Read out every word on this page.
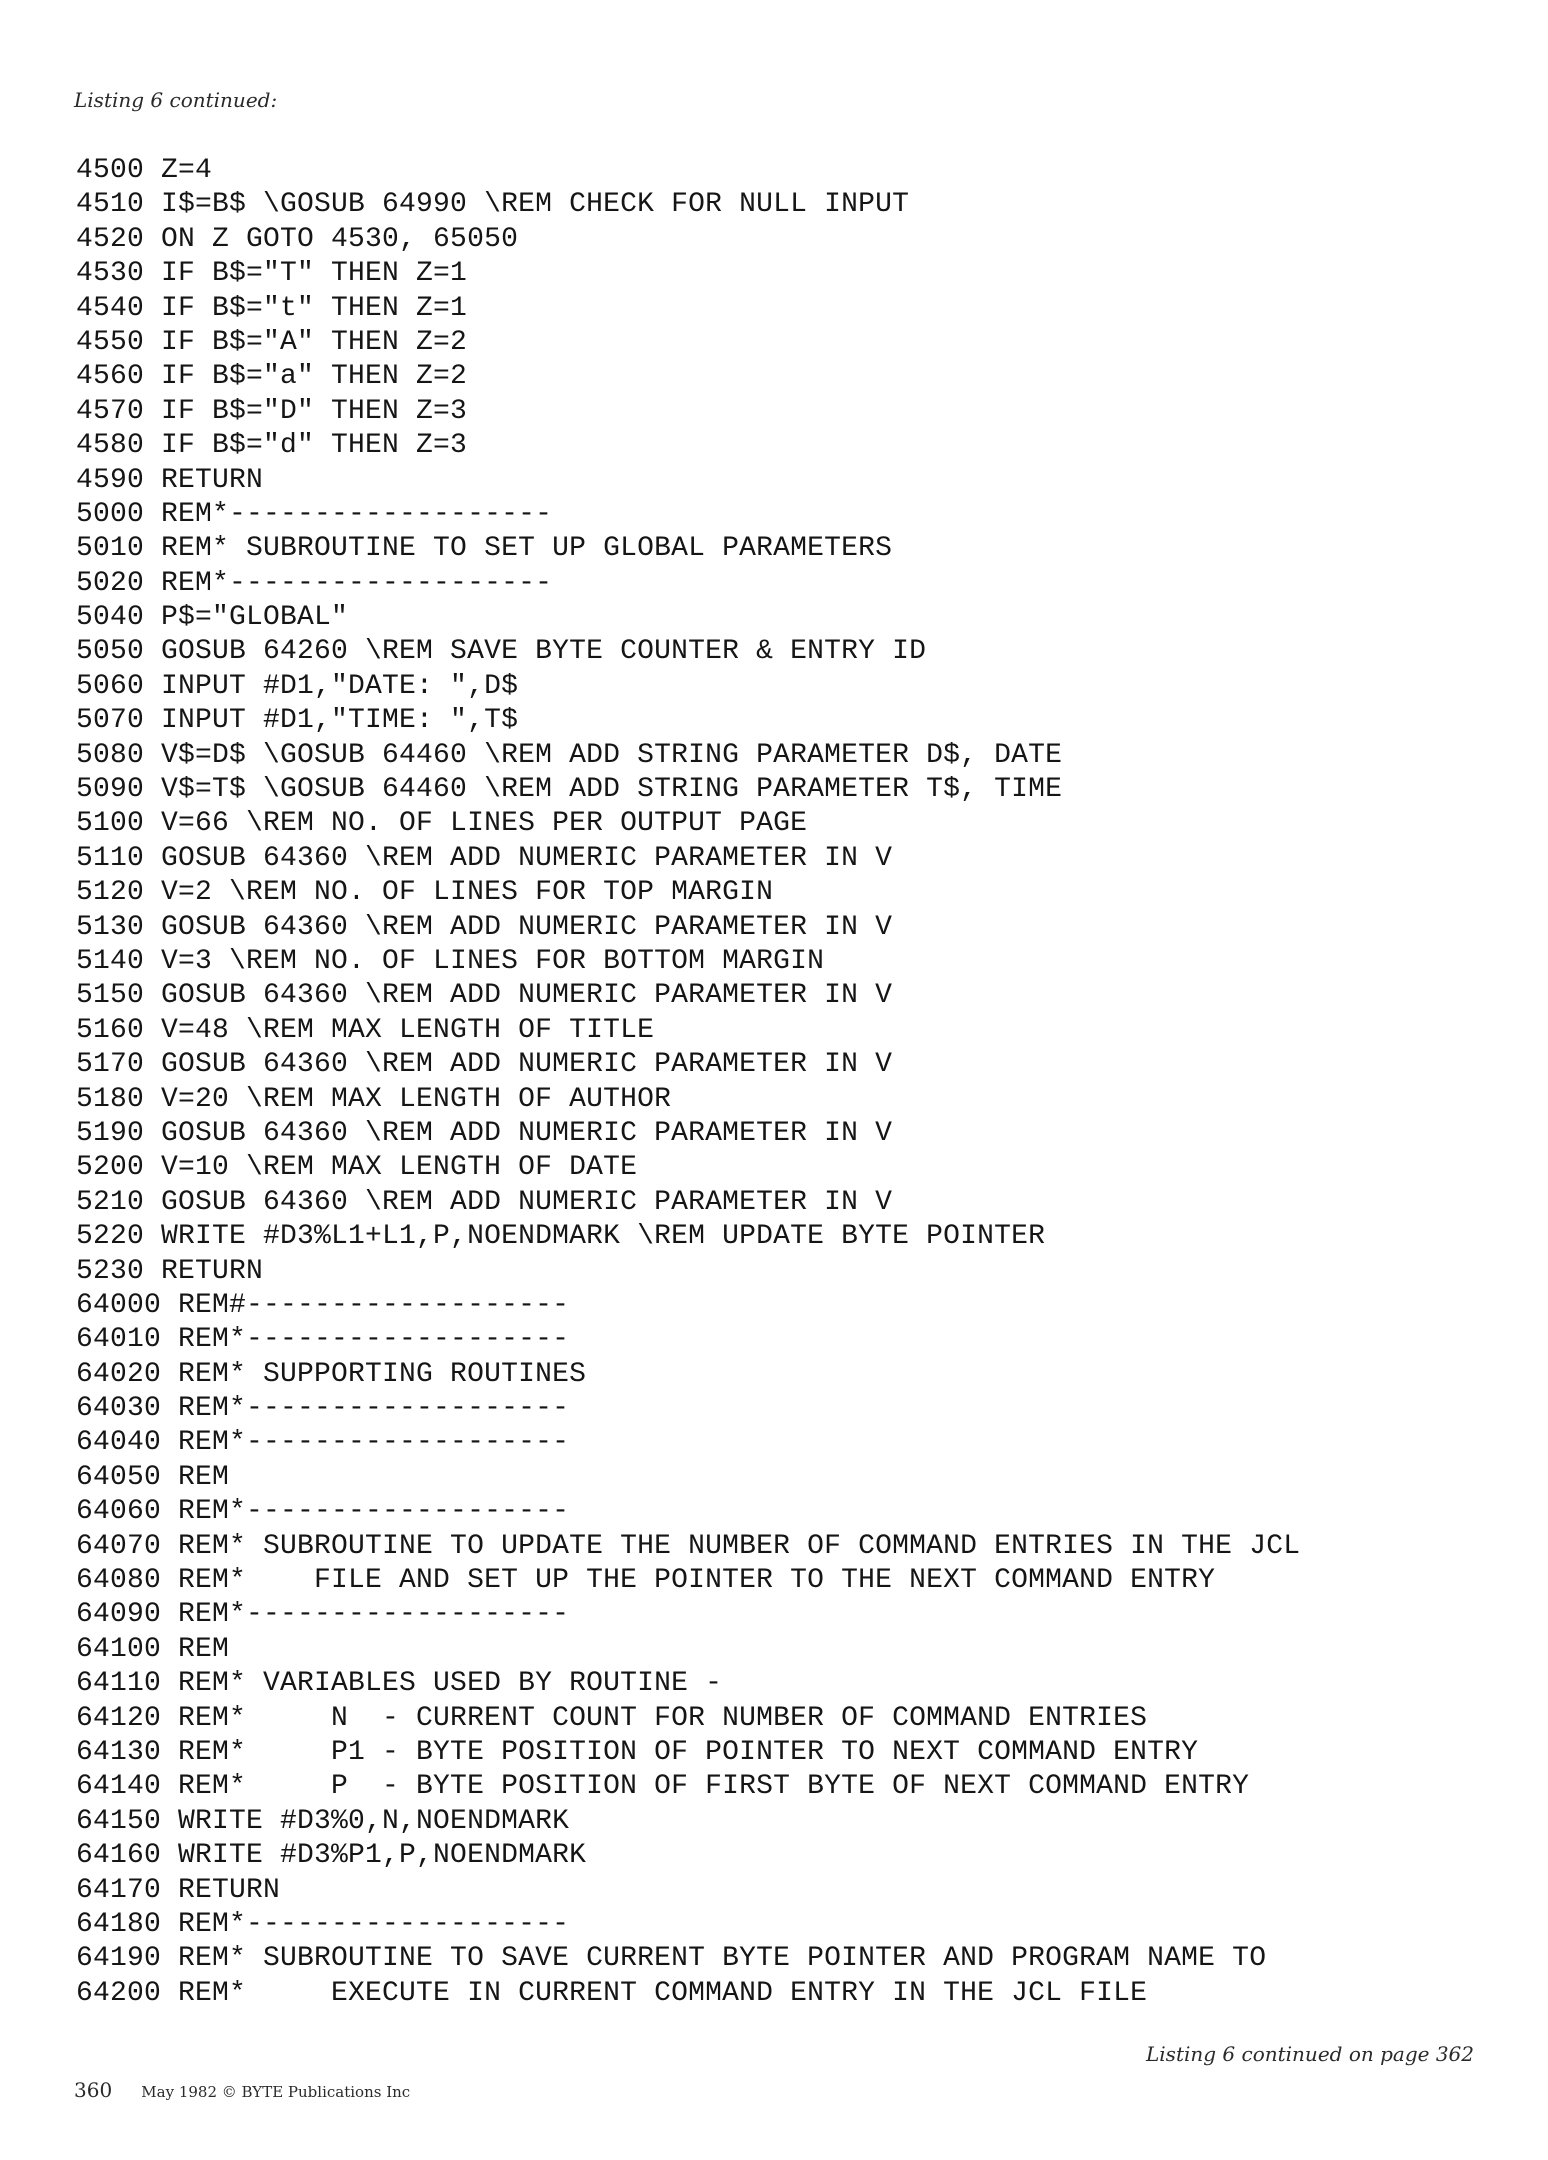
Listing 6 continued:
4500 Z=4
4510 I$=B$ \GOSUB 64990 \REM CHECK FOR NULL INPUT
4520 ON Z GOTO 4530, 65050
4530 IF B$="T" THEN Z=1
4540 IF B$="t" THEN Z=1
4550 IF B$="A" THEN Z=2
4560 IF B$="a" THEN Z=2
4570 IF B$="D" THEN Z=3
4580 IF B$="d" THEN Z=3
4590 RETURN
5000 REM*-------------------
5010 REM* SUBROUTINE TO SET UP GLOBAL PARAMETERS
5020 REM*-------------------
5040 P$="GLOBAL"
5050 GOSUB 64260 \REM SAVE BYTE COUNTER & ENTRY ID
5060 INPUT #D1,"DATE: ",D$
5070 INPUT #D1,"TIME: ",T$
5080 V$=D$ \GOSUB 64460 \REM ADD STRING PARAMETER D$, DATE
5090 V$=T$ \GOSUB 64460 \REM ADD STRING PARAMETER T$, TIME
5100 V=66 \REM NO. OF LINES PER OUTPUT PAGE
5110 GOSUB 64360 \REM ADD NUMERIC PARAMETER IN V
5120 V=2 \REM NO. OF LINES FOR TOP MARGIN
5130 GOSUB 64360 \REM ADD NUMERIC PARAMETER IN V
5140 V=3 \REM NO. OF LINES FOR BOTTOM MARGIN
5150 GOSUB 64360 \REM ADD NUMERIC PARAMETER IN V
5160 V=48 \REM MAX LENGTH OF TITLE
5170 GOSUB 64360 \REM ADD NUMERIC PARAMETER IN V
5180 V=20 \REM MAX LENGTH OF AUTHOR
5190 GOSUB 64360 \REM ADD NUMERIC PARAMETER IN V
5200 V=10 \REM MAX LENGTH OF DATE
5210 GOSUB 64360 \REM ADD NUMERIC PARAMETER IN V
5220 WRITE #D3%L1+L1,P,NOENDMARK \REM UPDATE BYTE POINTER
5230 RETURN
64000 REM#-------------------
64010 REM*-------------------
64020 REM* SUPPORTING ROUTINES
64030 REM*-------------------
64040 REM*-------------------
64050 REM
64060 REM*-------------------
64070 REM* SUBROUTINE TO UPDATE THE NUMBER OF COMMAND ENTRIES IN THE JCL
64080 REM*    FILE AND SET UP THE POINTER TO THE NEXT COMMAND ENTRY
64090 REM*-------------------
64100 REM
64110 REM* VARIABLES USED BY ROUTINE -
64120 REM*     N  - CURRENT COUNT FOR NUMBER OF COMMAND ENTRIES
64130 REM*     P1 - BYTE POSITION OF POINTER TO NEXT COMMAND ENTRY
64140 REM*     P  - BYTE POSITION OF FIRST BYTE OF NEXT COMMAND ENTRY
64150 WRITE #D3%0,N,NOENDMARK
64160 WRITE #D3%P1,P,NOENDMARK
64170 RETURN
64180 REM*-------------------
64190 REM* SUBROUTINE TO SAVE CURRENT BYTE POINTER AND PROGRAM NAME TO
64200 REM*     EXECUTE IN CURRENT COMMAND ENTRY IN THE JCL FILE
Listing 6 continued on page 362
360 May 1982 © BYTE Publications Inc
